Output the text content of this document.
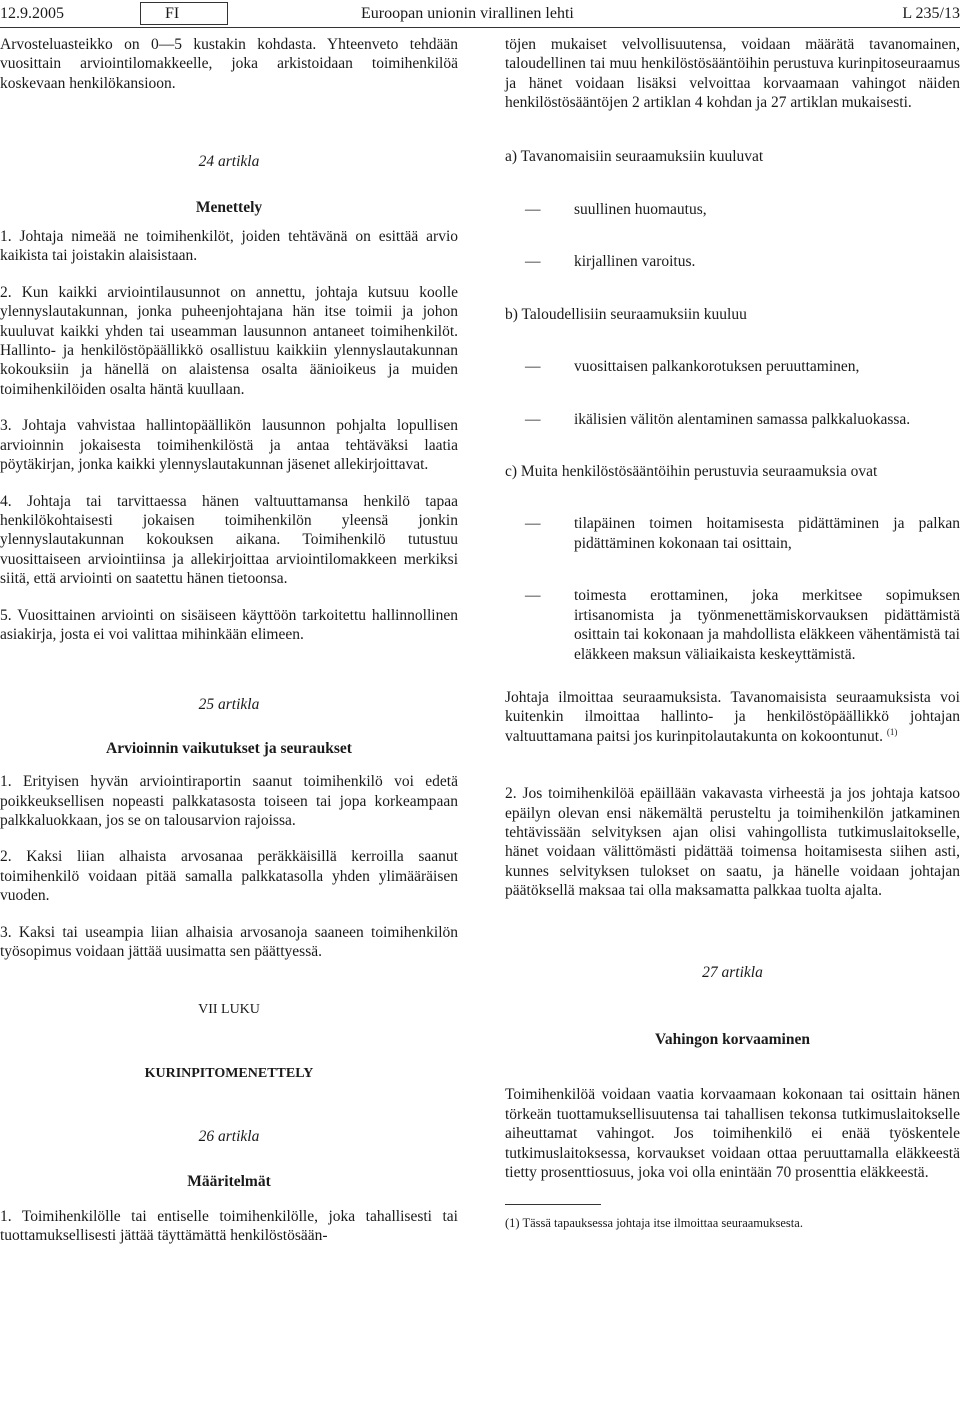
12.9.2005	FI	Euroopan unionin virallinen lehti	L 235/13

Arvosteluasteikko on 0—5 kustakin kohdasta. Yhteenveto tehdään vuosittain arviointilomakkeelle, joka arkistoidaan toimihenkilöä koskevaan henkilökansioon.

24 artikla

Menettely

1. Johtaja nimeää ne toimihenkilöt, joiden tehtävänä on esittää arvio kaikista tai joistakin alaisistaan.

2. Kun kaikki arviointilausunnot on annettu, johtaja kutsuu koolle ylennyslautakunnan, jonka puheenjohtajana hän itse toimii ja johon kuuluvat kaikki yhden tai useamman lausunnon antaneet toimihenkilöt. Hallinto- ja henkilöstöpäällikkö osallistuu kaikkiin ylennyslautakunnan kokouksiin ja hänellä on alaistensa osalta äänioikeus ja muiden toimihenkilöiden osalta häntä kuullaan.

3. Johtaja vahvistaa hallintopäällikön lausunnon pohjalta lopullisen arvioinnin jokaisesta toimihenkilöstä ja antaa tehtäväksi laatia pöytäkirjan, jonka kaikki ylennyslautakunnan jäsenet allekirjoittavat.

4. Johtaja tai tarvittaessa hänen valtuuttamansa henkilö tapaa henkilökohtaisesti jokaisen toimihenkilön yleensä jonkin ylennyslautakunnan kokouksen aikana. Toimihenkilö tutustuu vuosittaiseen arviointiinsa ja allekirjoittaa arviointilomakkeen merkiksi siitä, että arviointi on saatettu hänen tietoonsa.

5. Vuosittainen arviointi on sisäiseen käyttöön tarkoitettu hallinnollinen asiakirja, josta ei voi valittaa mihinkään elimeen.

25 artikla

Arvioinnin vaikutukset ja seuraukset

1. Erityisen hyvän arviointiraportin saanut toimihenkilö voi edetä poikkeuksellisen nopeasti palkkatasosta toiseen tai jopa korkeampaan palkkaluokkaan, jos se on talousarvion rajoissa.

2. Kaksi liian alhaista arvosanaa peräkkäisillä kerroilla saanut toimihenkilö voidaan pitää samalla palkkatasolla yhden ylimääräisen vuoden.

3. Kaksi tai useampia liian alhaisia arvosanoja saaneen toimihenkilön työsopimus voidaan jättää uusimatta sen päättyessä.

VII LUKU

KURINPITOMENETTELY

26 artikla

Määritelmät

1. Toimihenkilölle tai entiselle toimihenkilölle, joka tahallisesti tai tuottamuksellisesti jättää täyttämättä henkilöstösään-

töjen mukaiset velvollisuutensa, voidaan määrätä tavanomainen, taloudellinen tai muu henkilöstösääntöihin perustuva kurinpitoseuraamus ja hänet voidaan lisäksi velvoittaa korvaamaan vahingot näiden henkilöstösääntöjen 2 artiklan 4 kohdan ja 27 artiklan mukaisesti.

a) Tavanomaisiin seuraamuksiin kuuluvat

— suullinen huomautus,

— kirjallinen varoitus.

b) Taloudellisiin seuraamuksiin kuuluu

— vuosittaisen palkankorotuksen peruuttaminen,

— ikälisien välitön alentaminen samassa palkkaluokassa.

c) Muita henkilöstösääntöihin perustuvia seuraamuksia ovat

— tilapäinen toimen hoitamisesta pidättäminen ja palkan pidättäminen kokonaan tai osittain,

— toimesta erottaminen, joka merkitsee sopimuksen irtisanomista ja työnmenettämiskorvauksen pidättämistä osittain tai kokonaan ja mahdollista eläkkeen vähentämistä tai eläkkeen maksun väliaikaista keskeyttämistä.

Johtaja ilmoittaa seuraamuksista. Tavanomaisista seuraamuksista voi kuitenkin ilmoittaa hallinto- ja henkilöstöpäällikkö johtajan valtuuttamana paitsi jos kurinpitolautakunta on kokoontunut. $^{(1)}$

2. Jos toimihenkilöä epäillään vakavasta virheestä ja jos johtaja katsoo epäilyn olevan ensi näkemältä perusteltu ja toimihenkilön jatkaminen tehtävissään selvityksen ajan olisi vahingollista tutkimuslaitokselle, hänet voidaan välittömästi pidättää toimensa hoitamisesta siihen asti, kunnes selvityksen tulokset on saatu, ja hänelle voidaan johtajan päätöksellä maksaa tai olla maksamatta palkkaa tuolta ajalta.

27 artikla

Vahingon korvaaminen

Toimihenkilöä voidaan vaatia korvaamaan kokonaan tai osittain hänen törkeän tuottamuksellisuutensa tai tahallisen tekonsa tutkimuslaitokselle aiheuttamat vahingot. Jos toimihenkilö ei enää työskentele tutkimuslaitoksessa, korvaukset voidaan ottaa peruuttamalla eläkkeestä tietty prosenttiosuus, joka voi olla enintään 70 prosenttia eläkkeestä.

(1) Tässä tapauksessa johtaja itse ilmoittaa seuraamuksesta.
